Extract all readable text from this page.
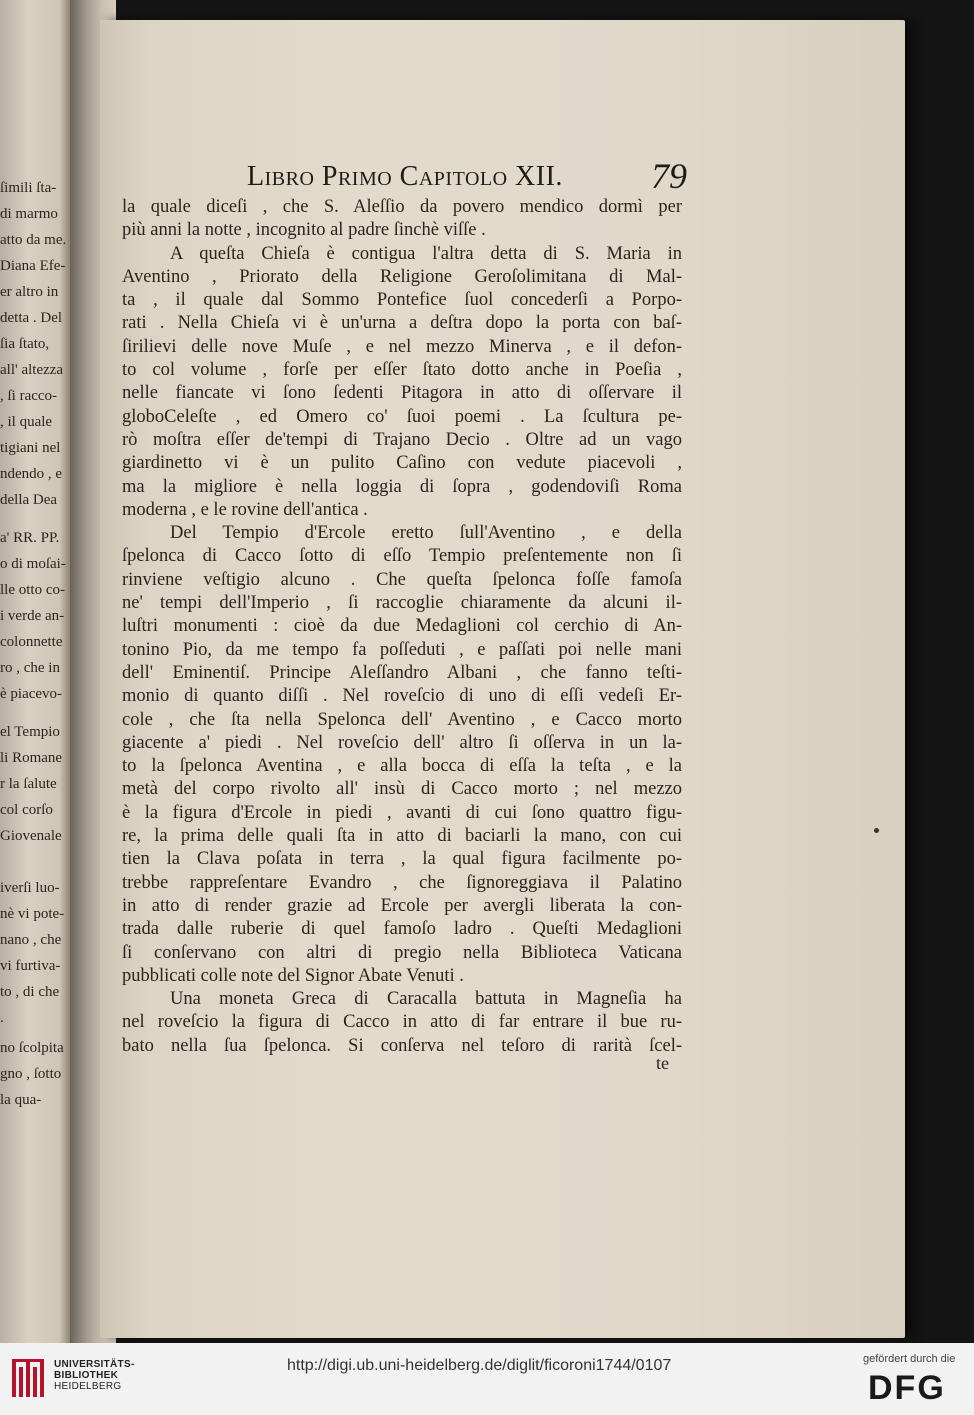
ſimili ſta-
di marmo
atto da me.
Diana Efe-
er altro in
detta . Del
ſia ſtato,
all' altezza
, ſi racco-
, il quale
tigiani nel
ndendo , e
della Dea
a' RR. PP.
o di moſai-
lle otto co-
i verde an-
colonnette
ro , che in
è piacevo-
el Tempio
li Romane
r la ſalute
col corſo
Giovenale
iverſi luo-
nè vi pote-
nano , che
vi furtiva-
to , di che
.
no ſcolpita
gno , ſotto
la qua-
Libro Primo Capitolo XII. 79
la quale diceſi , che S. Aleſſio da povero mendico dormì per
più anni la notte , incognito al padre ſinchè viſſe .
A queſta Chieſa è contigua l'altra detta di S. Maria in
Aventino , Priorato della Religione Geroſolimitana di Mal-
ta , il quale dal Sommo Pontefice ſuol concederſi a Porpo-
rati . Nella Chieſa vi è un'urna a deſtra dopo la porta con baſ-
ſirilievi delle nove Muſe , e nel mezzo Minerva , e il defon-
to col volume , forſe per eſſer ſtato dotto anche in Poeſia ,
nelle fiancate vi ſono ſedenti Pitagora in atto di oſſervare il
globoCeleſte , ed Omero co' ſuoi poemi . La ſcultura pe-
rò moſtra eſſer de'tempi di Trajano Decio . Oltre ad un vago
giardinetto vi è un pulito Caſino con vedute piacevoli ,
ma la migliore è nella loggia di ſopra , godendoviſi Roma
moderna , e le rovine dell'antica .
Del Tempio d'Ercole eretto ſull'Aventino , e della
ſpelonca di Cacco ſotto di eſſo Tempio preſentemente non ſi
rinviene veſtigio alcuno . Che queſta ſpelonca foſſe famoſa
ne' tempi dell'Imperio , ſi raccoglie chiaramente da alcuni il-
luſtri monumenti : cioè da due Medaglioni col cerchio di An-
tonino Pio, da me tempo fa poſſeduti , e paſſati poi nelle mani
dell' Eminentiſ. Principe Aleſſandro Albani , che fanno teſti-
monio di quanto diſſi . Nel roveſcio di uno di eſſi vedeſi Er-
cole , che ſta nella Spelonca dell' Aventino , e Cacco morto
giacente a' piedi . Nel roveſcio dell' altro ſi oſſerva in un la-
to la ſpelonca Aventina , e alla bocca di eſſa la teſta , e la
metà del corpo rivolto all' insù di Cacco morto ; nel mezzo
è la figura d'Ercole in piedi , avanti di cui ſono quattro figu-
re, la prima delle quali ſta in atto di baciarli la mano, con cui
tien la Clava poſata in terra , la qual figura facilmente po-
trebbe rappreſentare Evandro , che ſignoreggiava il Palatino
in atto di render grazie ad Ercole per avergli liberata la con-
trada dalle ruberie di quel famoſo ladro . Queſti Medaglioni
ſi conſervano con altri di pregio nella Biblioteca Vaticana
pubblicati colle note del Signor Abate Venuti .
Una moneta Greca di Caracalla battuta in Magneſia ha
nel roveſcio la figura di Cacco in atto di far entrare il bue ru-
bato nella ſua ſpelonca. Si conſerva nel teſoro di rarità ſcel-
te
UNIVERSITÄTS-
BIBLIOTHEK
HEIDELBERG
http://digi.ub.uni-heidelberg.de/diglit/ficoroni1744/0107	gefördert durch die
DFG
